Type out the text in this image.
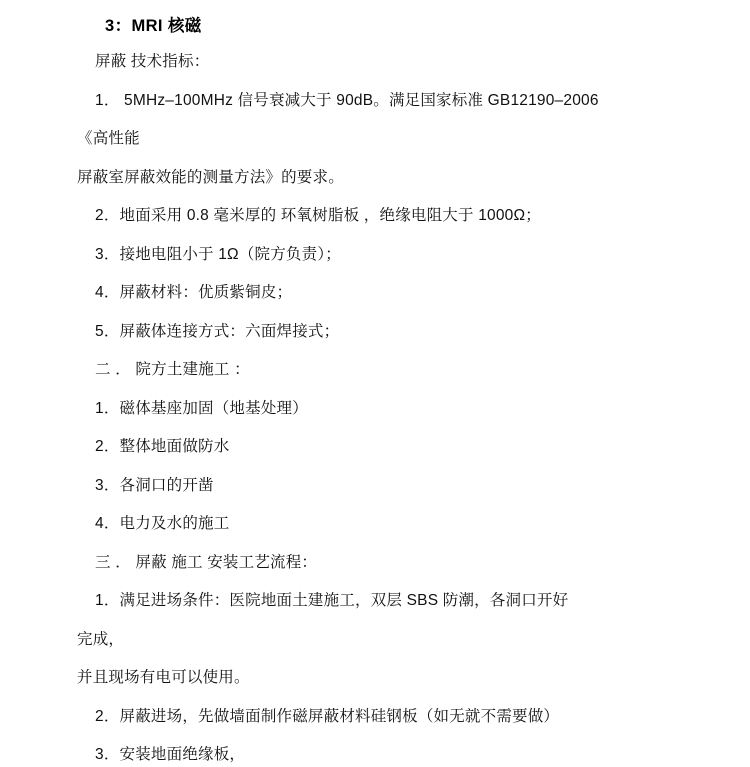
3：MRI 核磁
屏蔽 技术指标：
1． 5MHz–100MHz 信号衰减大于 90dB。满足国家标准 GB12190–2006
《高性能
屏蔽室屏蔽效能的测量方法》的要求。
2．地面采用 0.8 毫米厚的 环氧树脂板 ，绝缘电阻大于 1000Ω；
3．接地电阻小于 1Ω（院方负责）；
4．屏蔽材料：优质紫铜皮；
5．屏蔽体连接方式：六面焊接式；
二 ． 院方土建施工 ：
1．磁体基座加固（地基处理）
2．整体地面做防水
3．各洞口的开凿
4．电力及水的施工
三 ． 屏蔽 施工 安装工艺流程：
1．满足进场条件：医院地面土建施工，双层 SBS 防潮，各洞口开好
完成，
并且现场有电可以使用。
2．屏蔽进场，先做墙面制作磁屏蔽材料硅钢板（如无就不需要做）
3．安装地面绝缘板，
